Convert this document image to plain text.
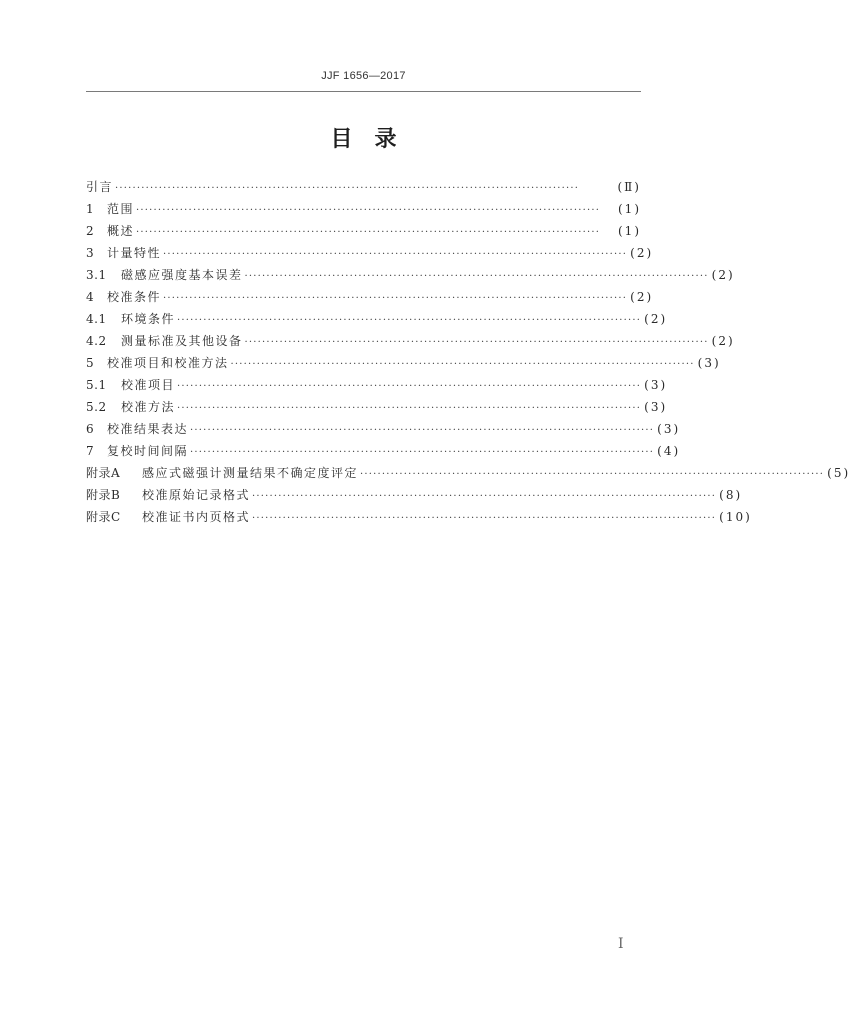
JJF 1656—2017
目　录
引言 ··········································································································	(Ⅱ)
1	范围 ··········································································································	(1)
2	概述 ··········································································································	(1)
3	计量特性 ·········································································································· (2)
3.1	磁感应强度基本误差 ·········································································································· (2)
4	校准条件 ·········································································································· (2)
4.1	环境条件 ·········································································································· (2)
4.2	测量标准及其他设备 ·········································································································· (2)
5	校准项目和校准方法 ·········································································································· (3)
5.1	校准项目 ·········································································································· (3)
5.2	校准方法 ·········································································································· (3)
6	校准结果表达 ·········································································································· (3)
7	复校时间间隔 ·········································································································· (4)
附录A	感应式磁强计测量结果不确定度评定 ·········································································································· (5)
附录B	校准原始记录格式 ·········································································································· (8)
附录C	校准证书内页格式 ·········································································································· (10)
Ⅰ
